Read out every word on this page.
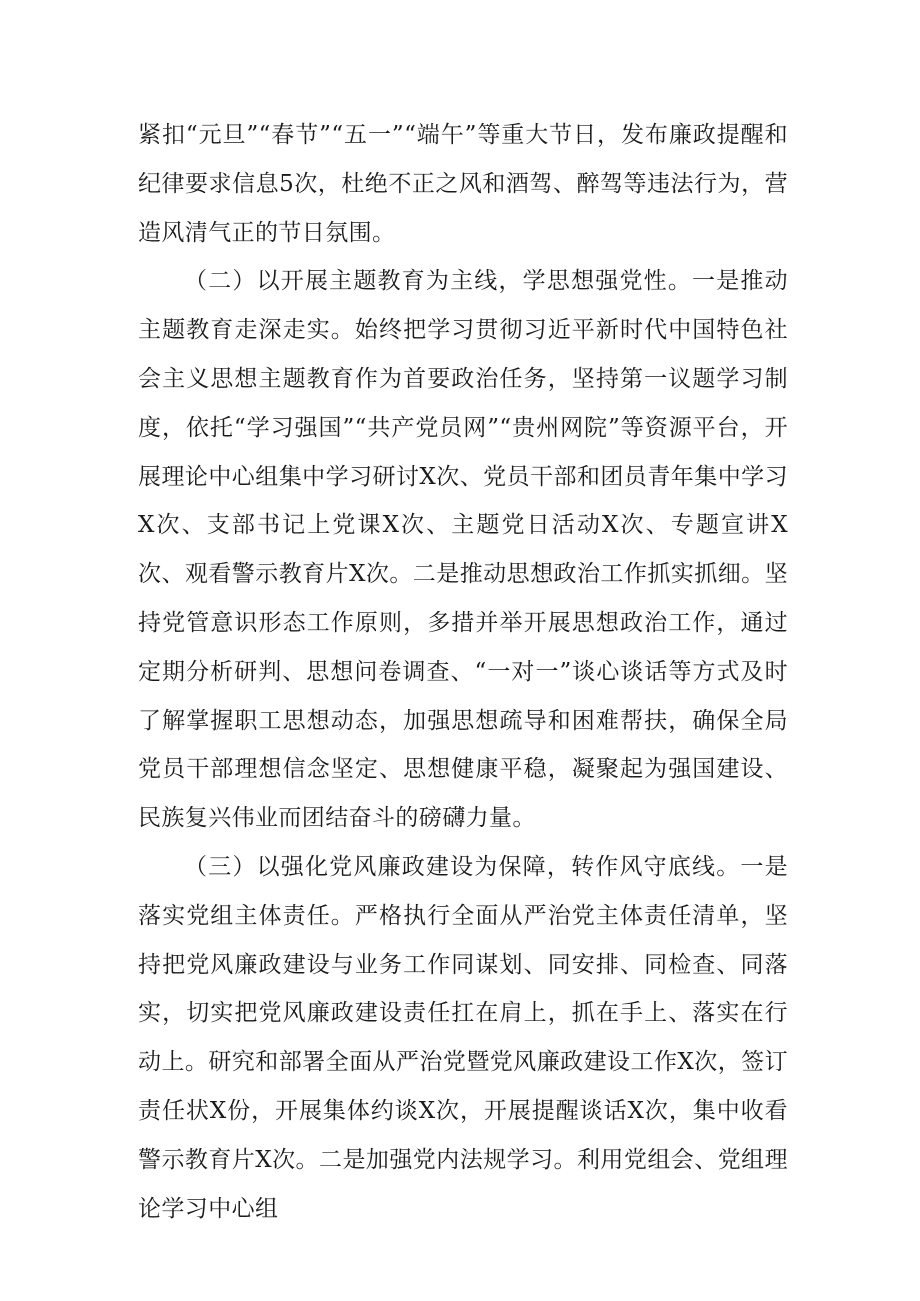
紧扣“元旦”“春节”“五一”“端午”等重大节日，发布廉政提醒和纪律要求信息5次，杜绝不正之风和酒驾、醉驾等违法行为，营造风清气正的节日氛围。

（二）以开展主题教育为主线，学思想强党性。一是推动主题教育走深走实。始终把学习贯彻习近平新时代中国特色社会主义思想主题教育作为首要政治任务，坚持第一议题学习制度，依托“学习强国”“共产党员网”“贵州网院”等资源平台，开展理论中心组集中学习研讨X次、党员干部和团员青年集中学习X次、支部书记上党课X次、主题党日活动X次、专题宣讲X次、观看警示教育片X次。二是推动思想政治工作抓实抓细。坚持党管意识形态工作原则，多措并举开展思想政治工作，通过定期分析研判、思想问卷调查、“一对一”谈心谈话等方式及时了解掌握职工思想动态，加强思想疏导和困难帮扶，确保全局党员干部理想信念坚定、思想健康平稳，凝聚起为强国建设、民族复兴伟业而团结奋斗的磅礴力量。

（三）以强化党风廉政建设为保障，转作风守底线。一是落实党组主体责任。严格执行全面从严治党主体责任清单，坚持把党风廉政建设与业务工作同谋划、同安排、同检查、同落实，切实把党风廉政建设责任扛在肩上，抓在手上、落实在行动上。研究和部署全面从严治党暨党风廉政建设工作X次，签订责任状X份，开展集体约谈X次，开展提醒谈话X次，集中收看警示教育片X次。二是加强党内法规学习。利用党组会、党组理论学习中心组
